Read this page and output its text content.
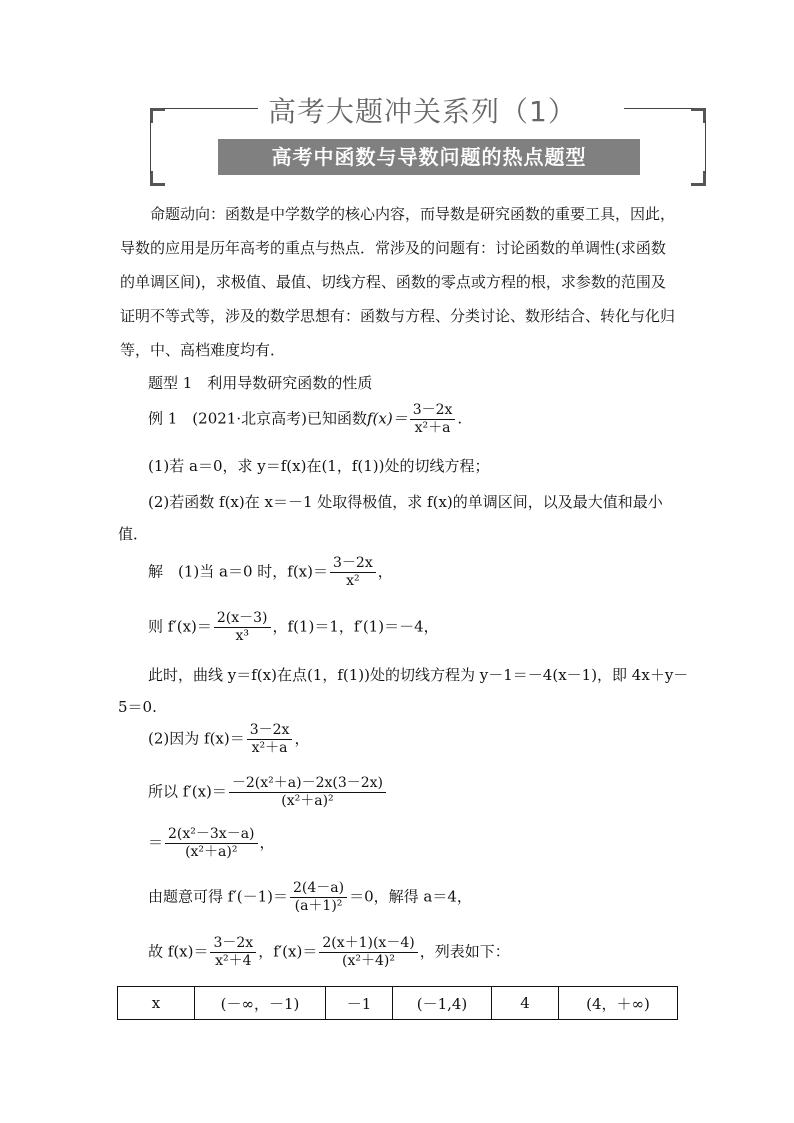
高考大题冲关系列（1）
高考中函数与导数问题的热点题型
命题动向：函数是中学数学的核心内容，而导数是研究函数的重要工具，因此，导数的应用是历年高考的重点与热点．常涉及的问题有：讨论函数的单调性(求函数的单调区间)，求极值、最值、切线方程、函数的零点或方程的根，求参数的范围及证明不等式等，涉及的数学思想有：函数与方程、分类讨论、数形结合、转化与化归等，中、高档难度均有．
题型 1　利用导数研究函数的性质
例 1　(2021·北京高考)已知函数$f(x)= \frac{3-2x}{\text{x²＋a}}$ .
(1)若 a＝0，求 y＝f(x)在(1，f(1))处的切线方程；
(2)若函数 f(x)在 x＝－1 处取得极值，求 f(x)的单调区间，以及最大值和最小
值．
解　(1)当 a＝0 时，$f(x)= \frac{3-2x}{\text{x²}}$ ，
则 $f'(x)= \frac{2(x-3)}{\text{x³}}$ ，f(1)＝1，f′(1)＝－4，
此时，曲线 y＝f(x)在点(1，f(1))处的切线方程为 y－1＝－4(x－1)，即 4x＋y－
5＝0.
(2)因为 $f(x)= \frac{3-2x}{\text{x²＋a}}$ ，
所以 $f'(x)= \frac{\text{－2(x²＋a)－2x(3－2x)}}{\text{(x²＋a)²}}$
＝ $\frac{\text{2(x²－3x－a)}}{\text{(x²＋a)²}}$ ，
由题意可得 $f'(-1)= \frac{2(4-a)}{\text{(a＋1)²}} =0$，解得 a＝4，
故 $f(x)= \frac{3-2x}{\text{x²＋4}}$ ，$f'(x)= \frac{2(x+1)(x-4)}{\text{(x²＋4)²}}$ ，列表如下：
x	(－∞，－1)	－1	(－1,4)	4	(4，＋∞)
